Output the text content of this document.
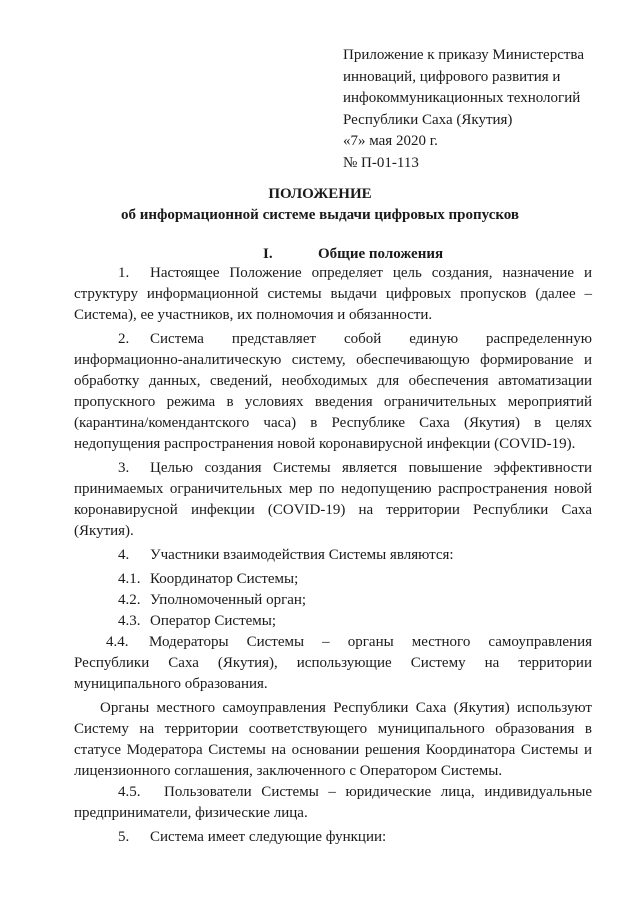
Приложение к приказу Министерства
инноваций, цифрового развития и
инфокоммуникационных технологий
Республики Саха (Якутия)
«7» мая 2020 г.
№ П-01-113
ПОЛОЖЕНИЕ
об информационной системе выдачи цифровых пропусков
I.	Общие положения
1. Настоящее Положение определяет цель создания, назначение и структуру информационной системы выдачи цифровых пропусков (далее – Система), ее участников, их полномочия и обязанности.
2. Система представляет собой единую распределенную информационно-аналитическую систему, обеспечивающую формирование и обработку данных, сведений, необходимых для обеспечения автоматизации пропускного режима в условиях введения ограничительных мероприятий (карантина/комендантского часа) в Республике Саха (Якутия) в целях недопущения распространения новой коронавирусной инфекции (COVID-19).
3. Целью создания Системы является повышение эффективности принимаемых ограничительных мер по недопущению распространения новой коронавирусной инфекции (COVID-19) на территории Республики Саха (Якутия).
4. Участники взаимодействия Системы являются:
4.1. Координатор Системы;
4.2. Уполномоченный орган;
4.3. Оператор Системы;
4.4. Модераторы Системы – органы местного самоуправления Республики Саха (Якутия), использующие Систему на территории муниципального образования.
Органы местного самоуправления Республики Саха (Якутия) используют Систему на территории соответствующего муниципального образования в статусе Модератора Системы на основании решения Координатора Системы и лицензионного соглашения, заключенного с Оператором Системы.
4.5. Пользователи Системы – юридические лица, индивидуальные предприниматели, физические лица.
5. Система имеет следующие функции:
